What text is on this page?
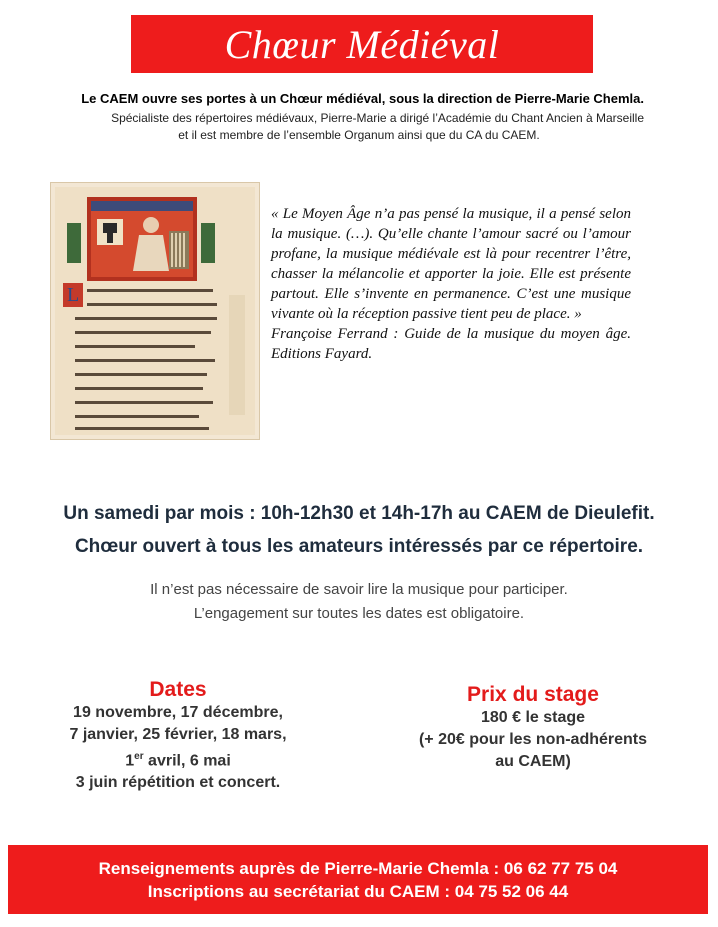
Chœur Médiéval
Le CAEM ouvre ses portes à un Chœur médiéval, sous la direction de Pierre-Marie Chemla.
Spécialiste des répertoires médiévaux, Pierre-Marie a dirigé l’Académie du Chant Ancien à Marseille
et il est membre de l’ensemble Organum ainsi que du CA du CAEM.
L

« Le Moyen Âge n’a pas pensé la musique, il a pensé selon la musique. (…). Qu’elle chante l’amour sacré ou l’amour profane, la musique médiévale est là pour recentrer l’être, chasser la mélancolie et apporter la joie. Elle est présente partout. Elle s’invente en permanence. C’est une musique vivante où la réception passive tient peu de place. »

Françoise Ferrand : Guide de la musique du moyen âge. Editions Fayard.

Un samedi par mois : 10h-12h30 et 14h-17h au CAEM de Dieulefit.
Chœur ouvert à tous les amateurs intéressés par ce répertoire.
Il n’est pas nécessaire de savoir lire la musique pour participer.
L’engagement sur toutes les dates est obligatoire.
Dates
19 novembre, 17 décembre,
7 janvier, 25 février, 18 mars,
1er avril, 6 mai
3 juin répétition et concert.
Prix du stage
180 € le stage
(+ 20€ pour les non-adhérents
au CAEM)
Renseignements auprès de Pierre-Marie Chemla : 06 62 77 75 04
Inscriptions au secrétariat du CAEM : 04 75 52 06 44
